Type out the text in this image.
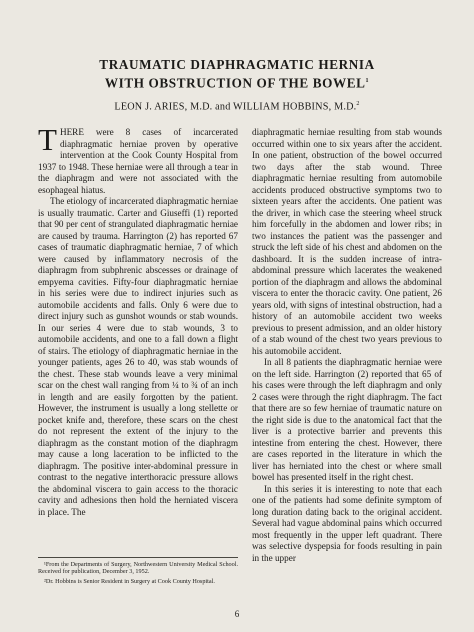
TRAUMATIC DIAPHRAGMATIC HERNIA
WITH OBSTRUCTION OF THE BOWEL$^1$

LEON J. ARIES, M.D. and WILLIAM HOBBINS, M.D.$^2$

THERE were 8 cases of incarcerated diaphragmatic herniae proven by operative intervention at the Cook County Hospital from 1937 to 1948. These herniae were all through a tear in the diaphragm and were not associated with the esophageal hiatus.

The etiology of incarcerated diaphragmatic herniae is usually traumatic. Carter and Giuseffi (1) reported that 90 per cent of strangulated diaphragmatic herniae are caused by trauma. Harrington (2) has reported 67 cases of traumatic diaphragmatic herniae, 7 of which were caused by inflammatory necrosis of the diaphragm from subphrenic abscesses or drainage of empyema cavities. Fifty-four diaphragmatic herniae in his series were due to indirect injuries such as automobile accidents and falls. Only 6 were due to direct injury such as gunshot wounds or stab wounds. In our series 4 were due to stab wounds, 3 to automobile accidents, and one to a fall down a flight of stairs. The etiology of diaphragmatic herniae in the younger patients, ages 26 to 40, was stab wounds of the chest. These stab wounds leave a very minimal scar on the chest wall ranging from ¼ to ¾ of an inch in length and are easily forgotten by the patient. However, the instrument is usually a long stellette or pocket knife and, therefore, these scars on the chest do not represent the extent of the injury to the diaphragm as the constant motion of the diaphragm may cause a long laceration to be inflicted to the diaphragm. The positive inter-abdominal pressure in contrast to the negative interthoracic pressure allows the abdominal viscera to gain access to the thoracic cavity and adhesions then hold the herniated viscera in place. The

diaphragmatic herniae resulting from stab wounds occurred within one to six years after the accident. In one patient, obstruction of the bowel occurred two days after the stab wound. Three diaphragmatic herniae resulting from automobile accidents produced obstructive symptoms two to sixteen years after the accidents. One patient was the driver, in which case the steering wheel struck him forcefully in the abdomen and lower ribs; in two instances the patient was the passenger and struck the left side of his chest and abdomen on the dashboard. It is the sudden increase of intra-abdominal pressure which lacerates the weakened portion of the diaphragm and allows the abdominal viscera to enter the thoracic cavity. One patient, 26 years old, with signs of intestinal obstruction, had a history of an automobile accident two weeks previous to present admission, and an older history of a stab wound of the chest two years previous to his automobile accident.

In all 8 patients the diaphragmatic herniae were on the left side. Harrington (2) reported that 65 of his cases were through the left diaphragm and only 2 cases were through the right diaphragm. The fact that there are so few herniae of traumatic nature on the right side is due to the anatomical fact that the liver is a protective barrier and prevents this intestine from entering the chest. However, there are cases reported in the literature in which the liver has herniated into the chest or where small bowel has presented itself in the right chest.

In this series it is interesting to note that each one of the patients had some definite symptom of long duration dating back to the original accident. Several had vague abdominal pains which occurred most frequently in the upper left quadrant. There was selective dyspepsia for foods resulting in pain in the upper

¹From the Departments of Surgery, Northwestern University Medical School. Received for publication, December 3, 1952.

²Dr. Hobbins is Senior Resident in Surgery at Cook County Hospital.

6
